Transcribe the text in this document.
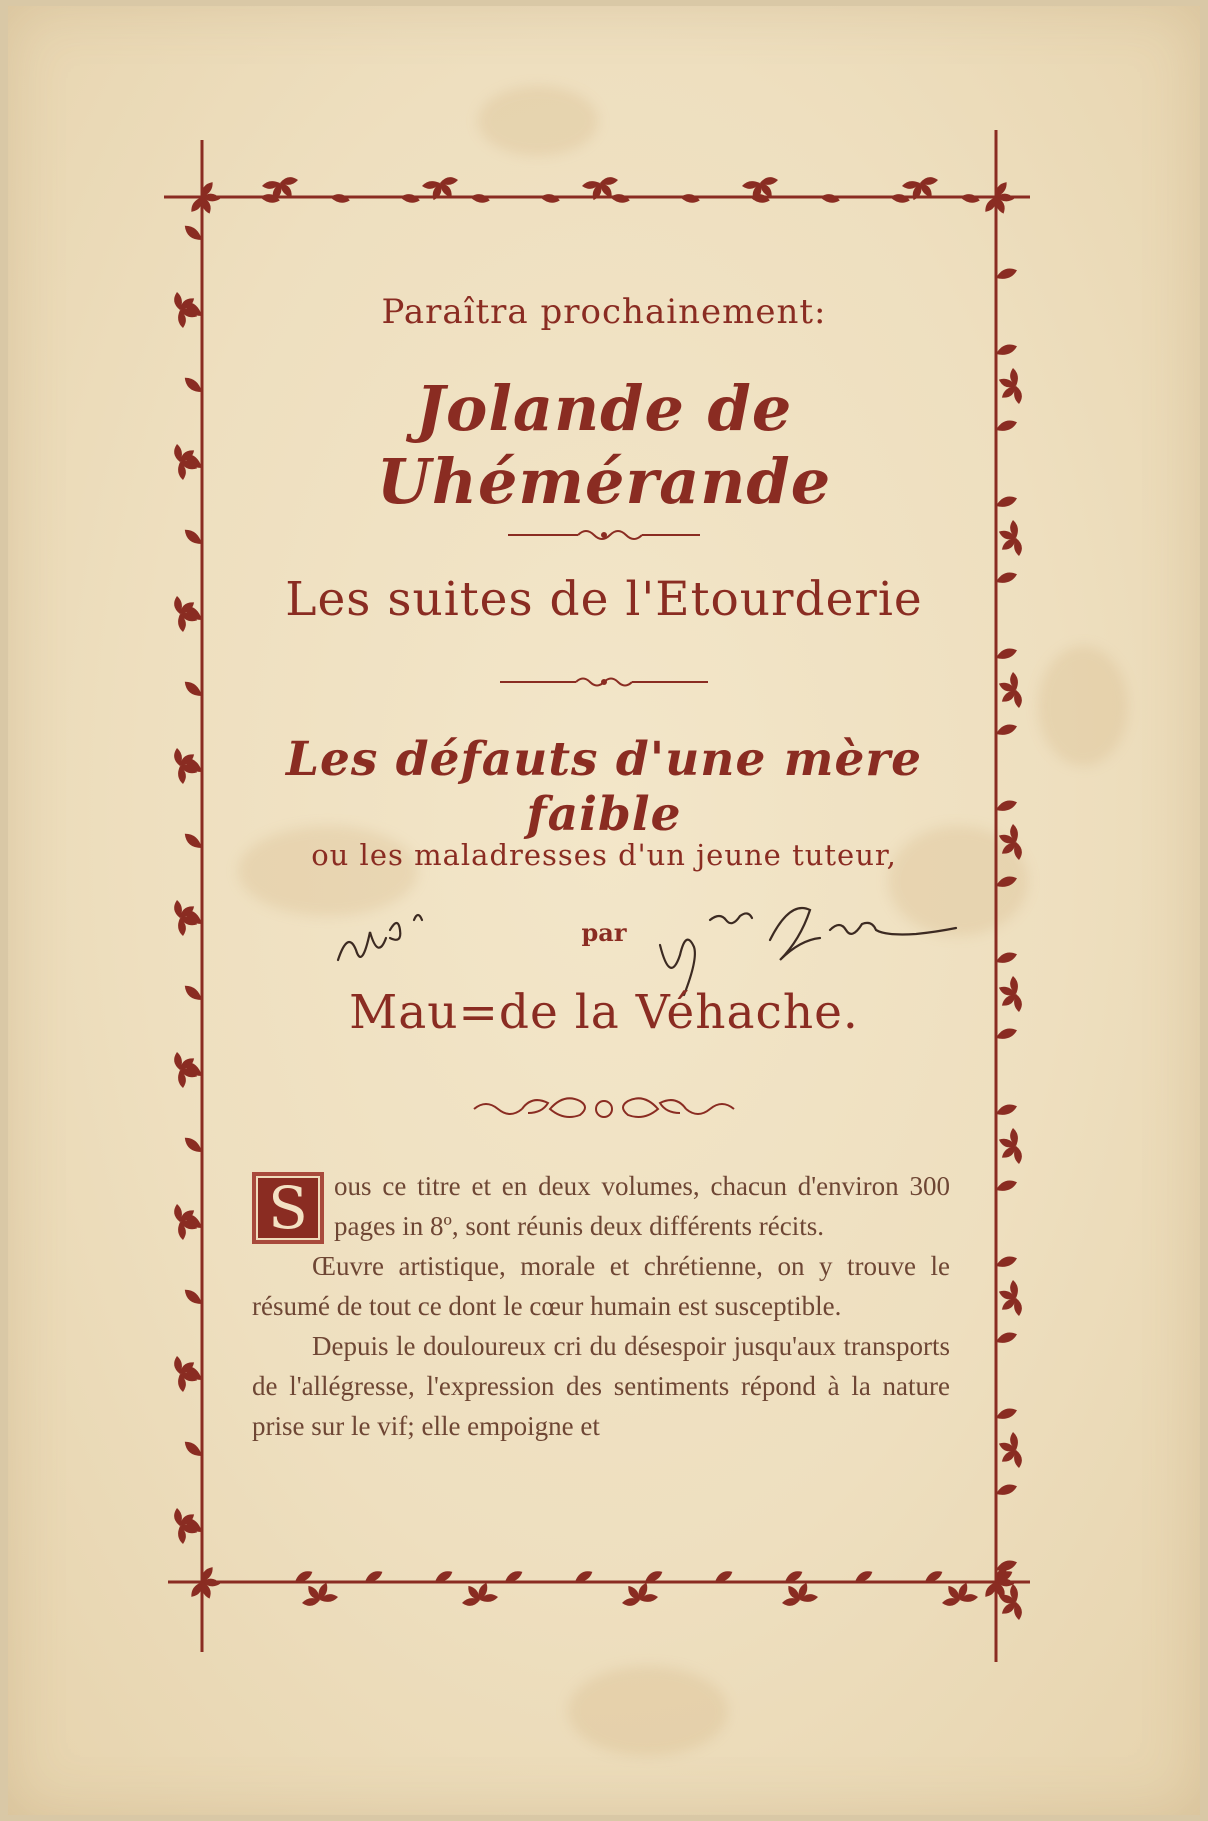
Paraîtra prochainement:
Jolande de Uhémérande
Les suites de l'Etourderie
Les défauts d'une mère faible
ou les maladresses d'un jeune tuteur,
par
Mau=de la Véhache.

S ous ce titre et en deux volumes, chacun d'environ 300 pages in 8º, sont réunis deux différents récits.

Œuvre artistique, morale et chrétienne, on y trouve le résumé de tout ce dont le cœur humain est susceptible.

Depuis le douloureux cri du désespoir jusqu'aux transports de l'allégresse, l'expression des sentiments répond à la nature prise sur le vif; elle empoigne et
